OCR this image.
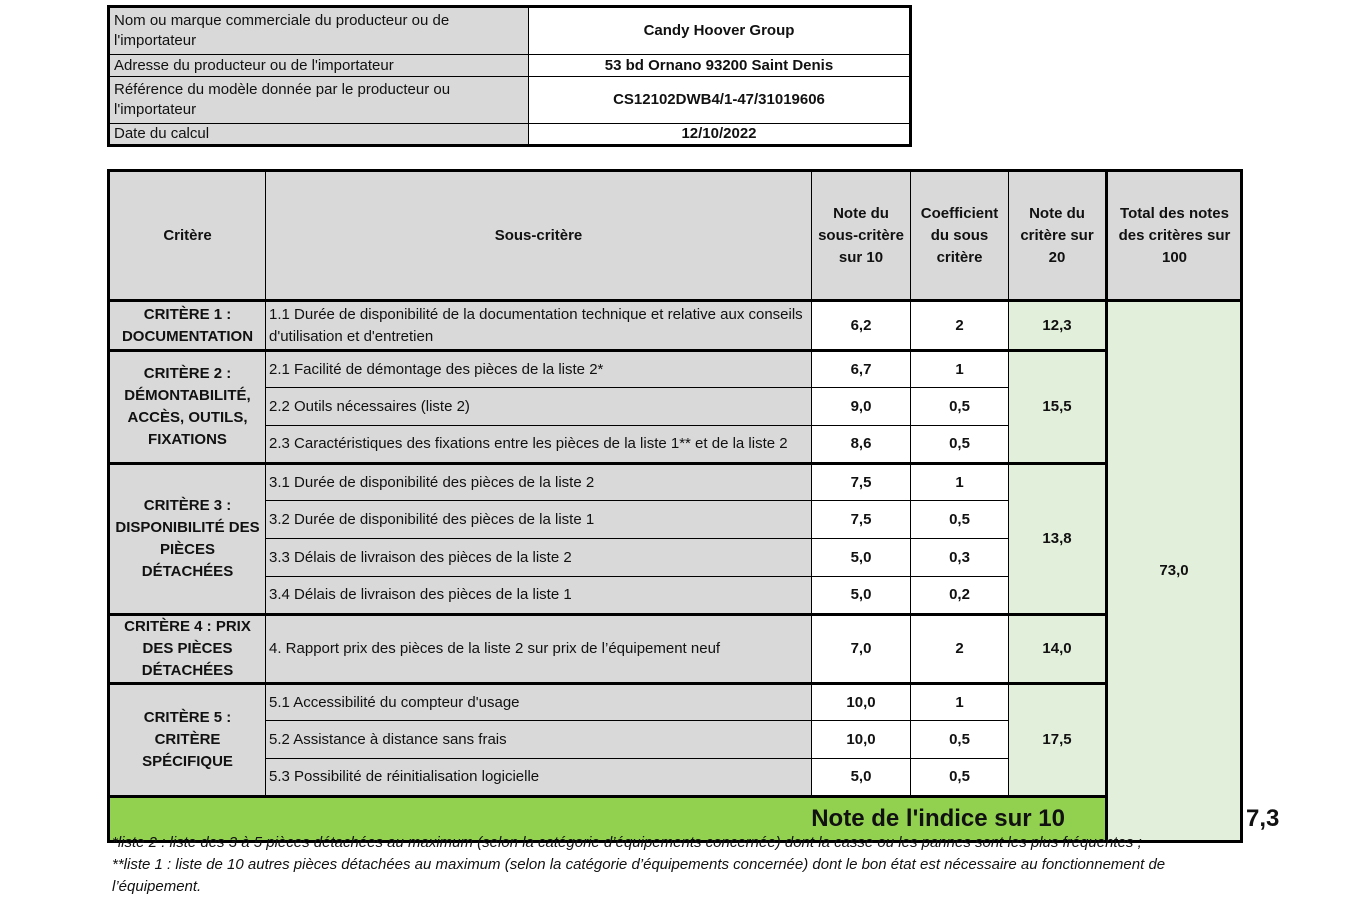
Nom ou marque commerciale du producteur ou de l'importateur	Candy Hoover Group
Adresse du producteur ou de l'importateur	53 bd Ornano 93200 Saint Denis
Référence du modèle donnée par le producteur ou l'importateur	CS12102DWB4/1-47/31019606
Date du calcul	12/10/2022
Critère	Sous-critère	Note du sous-critère sur 10	Coefficient du sous critère	Note du critère sur 20	Total des notes des critères sur 100	
CRITÈRE 1 : DOCUMENTATION	1.1 Durée de disponibilité de la documentation technique et relative aux conseils d'utilisation et d'entretien	6,2	2	12,3	73,0	
CRITÈRE 2 : DÉMONTABILITÉ, ACCÈS, OUTILS, FIXATIONS	2.1 Facilité de démontage des pièces de la liste 2*	6,7	1	15,5		
	2.2 Outils nécessaires (liste 2)	9,0	0,5			
	2.3 Caractéristiques des fixations entre les pièces de la liste 1** et de la liste 2	8,6	0,5			
CRITÈRE 3 : DISPONIBILITÉ DES PIÈCES DÉTACHÉES	3.1 Durée de disponibilité des pièces de la liste 2	7,5	1	13,8		
	3.2 Durée de disponibilité des pièces de la liste 1	7,5	0,5			
	3.3 Délais de livraison des pièces de la liste 2	5,0	0,3			
	3.4 Délais de livraison des pièces de la liste 1	5,0	0,2			
CRITÈRE 4 : PRIX DES PIÈCES DÉTACHÉES	4. Rapport prix des pièces de la liste 2 sur prix de l’équipement neuf	7,0	2	14,0		
CRITÈRE 5 : CRITÈRE SPÉCIFIQUE	5.1 Accessibilité du compteur d'usage	10,0	1	17,5		
	5.2 Assistance à distance sans frais	10,0	0,5			
	5.3 Possibilité de réinitialisation logicielle	5,0	0,5			
Note de l'indice sur 10						7,3

*liste 2 : liste des 3 à 5 pièces détachées au maximum (selon la catégorie d’équipements concernée) dont la casse ou les pannes sont les plus fréquentes ;

**liste 1 : liste de 10 autres pièces détachées au maximum (selon la catégorie d’équipements concernée) dont le bon état est nécessaire au fonctionnement de l’équipement.
